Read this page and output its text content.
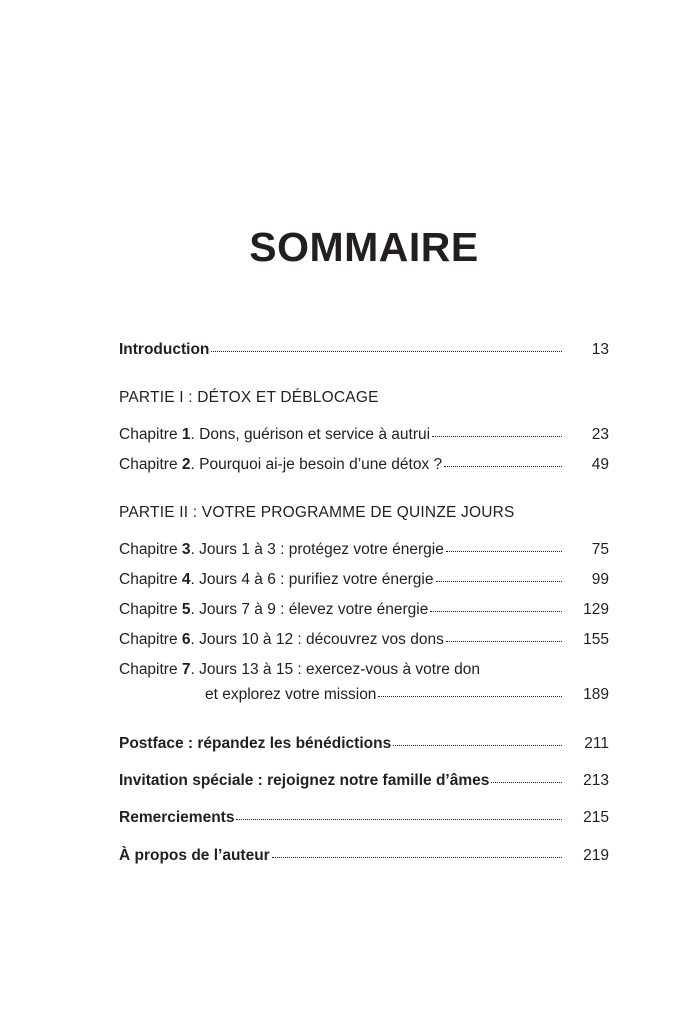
SOMMAIRE
Introduction	13
PARTIE I : DÉTOX ET DÉBLOCAGE
Chapitre 1. Dons, guérison et service à autrui	23
Chapitre 2. Pourquoi ai-je besoin d’une détox ?	49
PARTIE II : VOTRE PROGRAMME DE QUINZE JOURS
Chapitre 3. Jours 1 à 3 : protégez votre énergie	75
Chapitre 4. Jours 4 à 6 : purifiez votre énergie	99
Chapitre 5. Jours 7 à 9 : élevez votre énergie	129
Chapitre 6. Jours 10 à 12 : découvrez vos dons	155
Chapitre 7. Jours 13 à 15 : exercez-vous à votre don
et explorez votre mission	189
Postface : répandez les bénédictions	211
Invitation spéciale : rejoignez notre famille d’âmes	213
Remerciements	215
À propos de l’auteur	219
